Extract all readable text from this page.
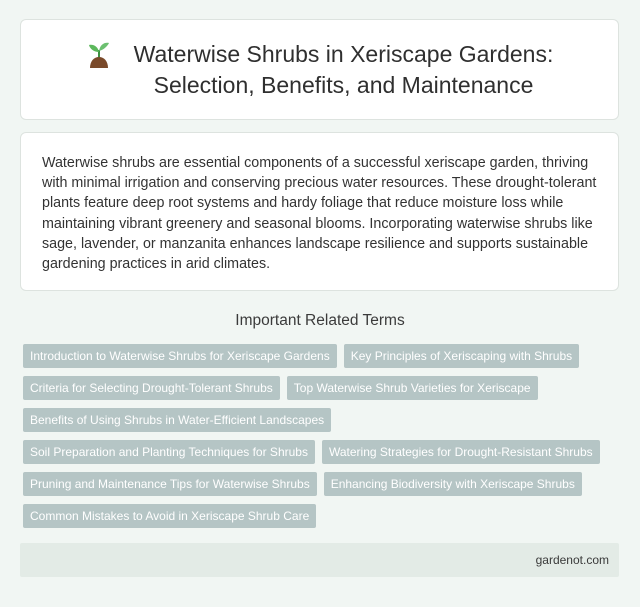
Waterwise Shrubs in Xeriscape Gardens:
Selection, Benefits, and Maintenance

Waterwise shrubs are essential components of a successful xeriscape garden, thriving with minimal irrigation and conserving precious water resources. These drought-tolerant plants feature deep root systems and hardy foliage that reduce moisture loss while maintaining vibrant greenery and seasonal blooms. Incorporating waterwise shrubs like sage, lavender, or manzanita enhances landscape resilience and supports sustainable gardening practices in arid climates.

Important Related Terms
Introduction to Waterwise Shrubs for Xeriscape Gardens	Key Principles of Xeriscaping with Shrubs
Criteria for Selecting Drought-Tolerant Shrubs	Top Waterwise Shrub Varieties for Xeriscape
Benefits of Using Shrubs in Water-Efficient Landscapes
Soil Preparation and Planting Techniques for Shrubs	Watering Strategies for Drought-Resistant Shrubs
Pruning and Maintenance Tips for Waterwise Shrubs	Enhancing Biodiversity with Xeriscape Shrubs
Common Mistakes to Avoid in Xeriscape Shrub Care
gardenot.com
